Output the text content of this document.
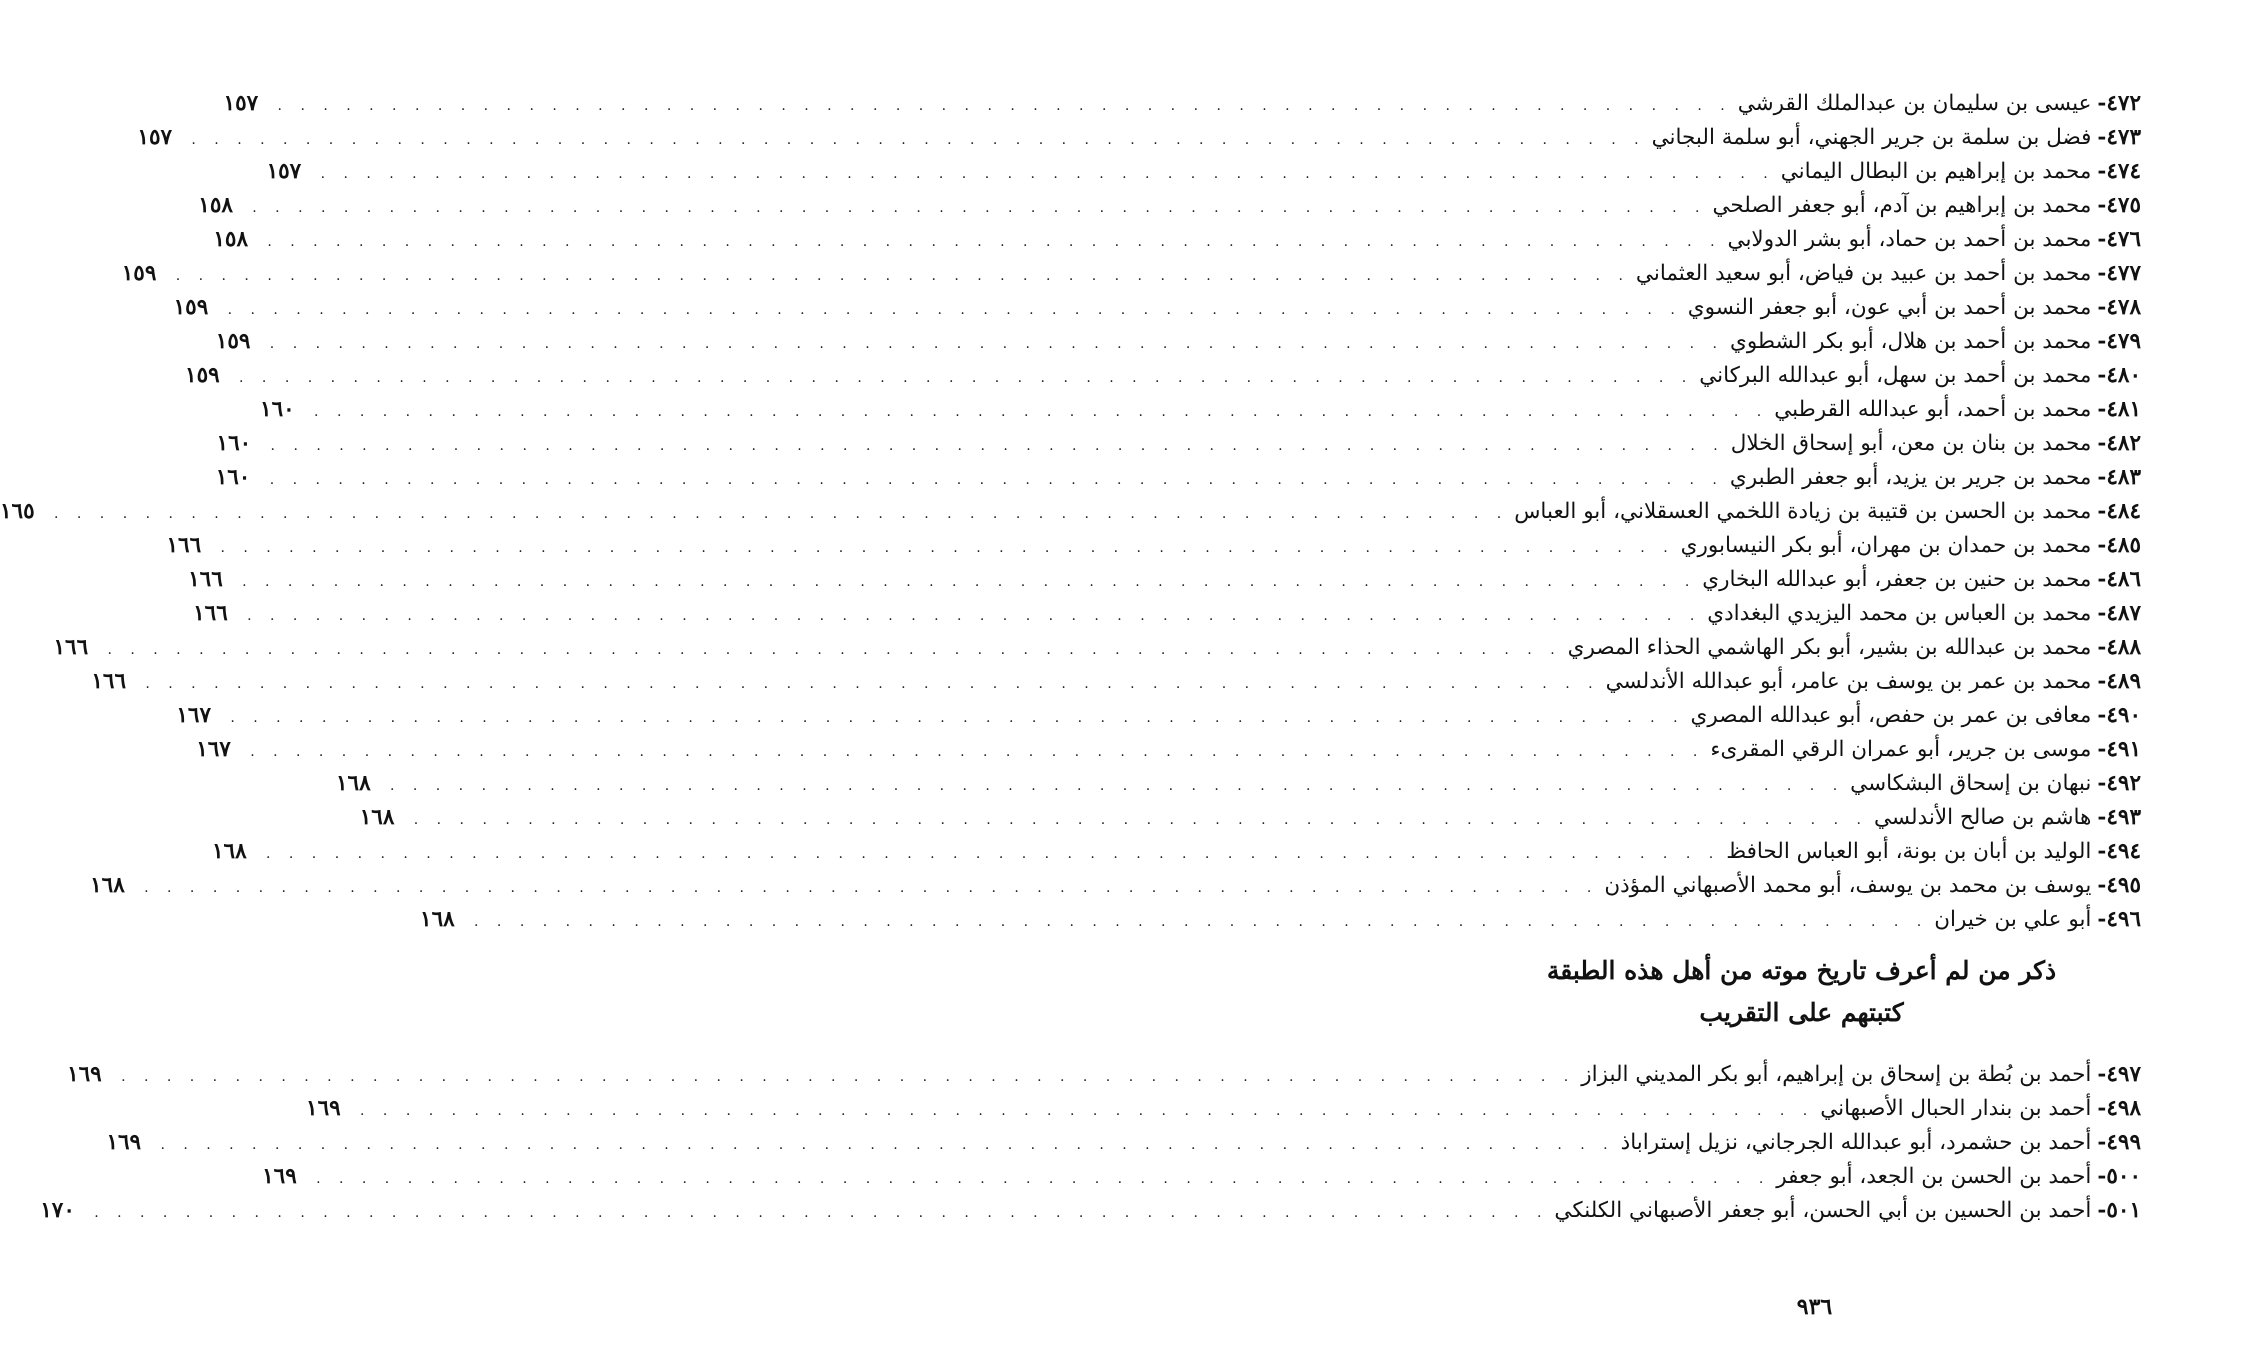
٤٧٢-
عيسى بن سليمان بن عبدالملك القرشي
. . .
١٥٧
٤٧٣-
فضل بن سلمة بن جرير الجهني، أبو سلمة البجاني
. . .
١٥٧
٤٧٤-
محمد بن إبراهيم بن البطال اليماني
. . .
١٥٧
٤٧٥-
محمد بن إبراهيم بن آدم، أبو جعفر الصلحي
. . .
١٥٨
٤٧٦-
محمد بن أحمد بن حماد، أبو بشر الدولابي
. . .
١٥٨
٤٧٧-
محمد بن أحمد بن عبيد بن فياض، أبو سعيد العثماني
. . .
١٥٩
٤٧٨-
محمد بن أحمد بن أبي عون، أبو جعفر النسوي
. . .
١٥٩
٤٧٩-
محمد بن أحمد بن هلال، أبو بكر الشطوي
. . .
١٥٩
٤٨٠-
محمد بن أحمد بن سهل، أبو عبدالله البركاني
. . .
١٥٩
٤٨١-
محمد بن أحمد، أبو عبدالله القرطبي
. . .
١٦٠
٤٨٢-
محمد بن بنان بن معن، أبو إسحاق الخلال
. . .
١٦٠
٤٨٣-
محمد بن جرير بن يزيد، أبو جعفر الطبري
. . .
١٦٠
٤٨٤-
محمد بن الحسن بن قتيبة بن زيادة اللخمي العسقلاني، أبو العباس
. . .
١٦٥
٤٨٥-
محمد بن حمدان بن مهران، أبو بكر النيسابوري
. . .
١٦٦
٤٨٦-
محمد بن حنين بن جعفر، أبو عبدالله البخاري
. . .
١٦٦
٤٨٧-
محمد بن العباس بن محمد اليزيدي البغدادي
. . .
١٦٦
٤٨٨-
محمد بن عبدالله بن بشير، أبو بكر الهاشمي الحذاء المصري
. . .
١٦٦
٤٨٩-
محمد بن عمر بن يوسف بن عامر، أبو عبدالله الأندلسي
. . .
١٦٦
٤٩٠-
معافى بن عمر بن حفص، أبو عبدالله المصري
. . .
١٦٧
٤٩١-
موسى بن جرير، أبو عمران الرقي المقرىء
. . .
١٦٧
٤٩٢-
نبهان بن إسحاق البشكاسي
. . .
١٦٨
٤٩٣-
هاشم بن صالح الأندلسي
. . .
١٦٨
٤٩٤-
الوليد بن أبان بن بونة، أبو العباس الحافظ
. . .
١٦٨
٤٩٥-
يوسف بن محمد بن يوسف، أبو محمد الأصبهاني المؤذن
. . .
١٦٨
٤٩٦-
أبو علي بن خيران
. . .
١٦٨
ذكر من لم أعرف تاريخ موته من أهل هذه الطبقة
كتبتهم على التقريب
٤٩٧-
أحمد بن بُطة بن إسحاق بن إبراهيم، أبو بكر المديني البزاز
. . .
١٦٩
٤٩٨-
أحمد بن بندار الحبال الأصبهاني
. . .
١٦٩
٤٩٩-
أحمد بن حشمرد، أبو عبدالله الجرجاني، نزيل إستراباذ
. . .
١٦٩
٥٠٠-
أحمد بن الحسن بن الجعد، أبو جعفر
. . .
١٦٩
٥٠١-
أحمد بن الحسين بن أبي الحسن، أبو جعفر الأصبهاني الكلنكي
. . .
١٧٠
٩٣٦
